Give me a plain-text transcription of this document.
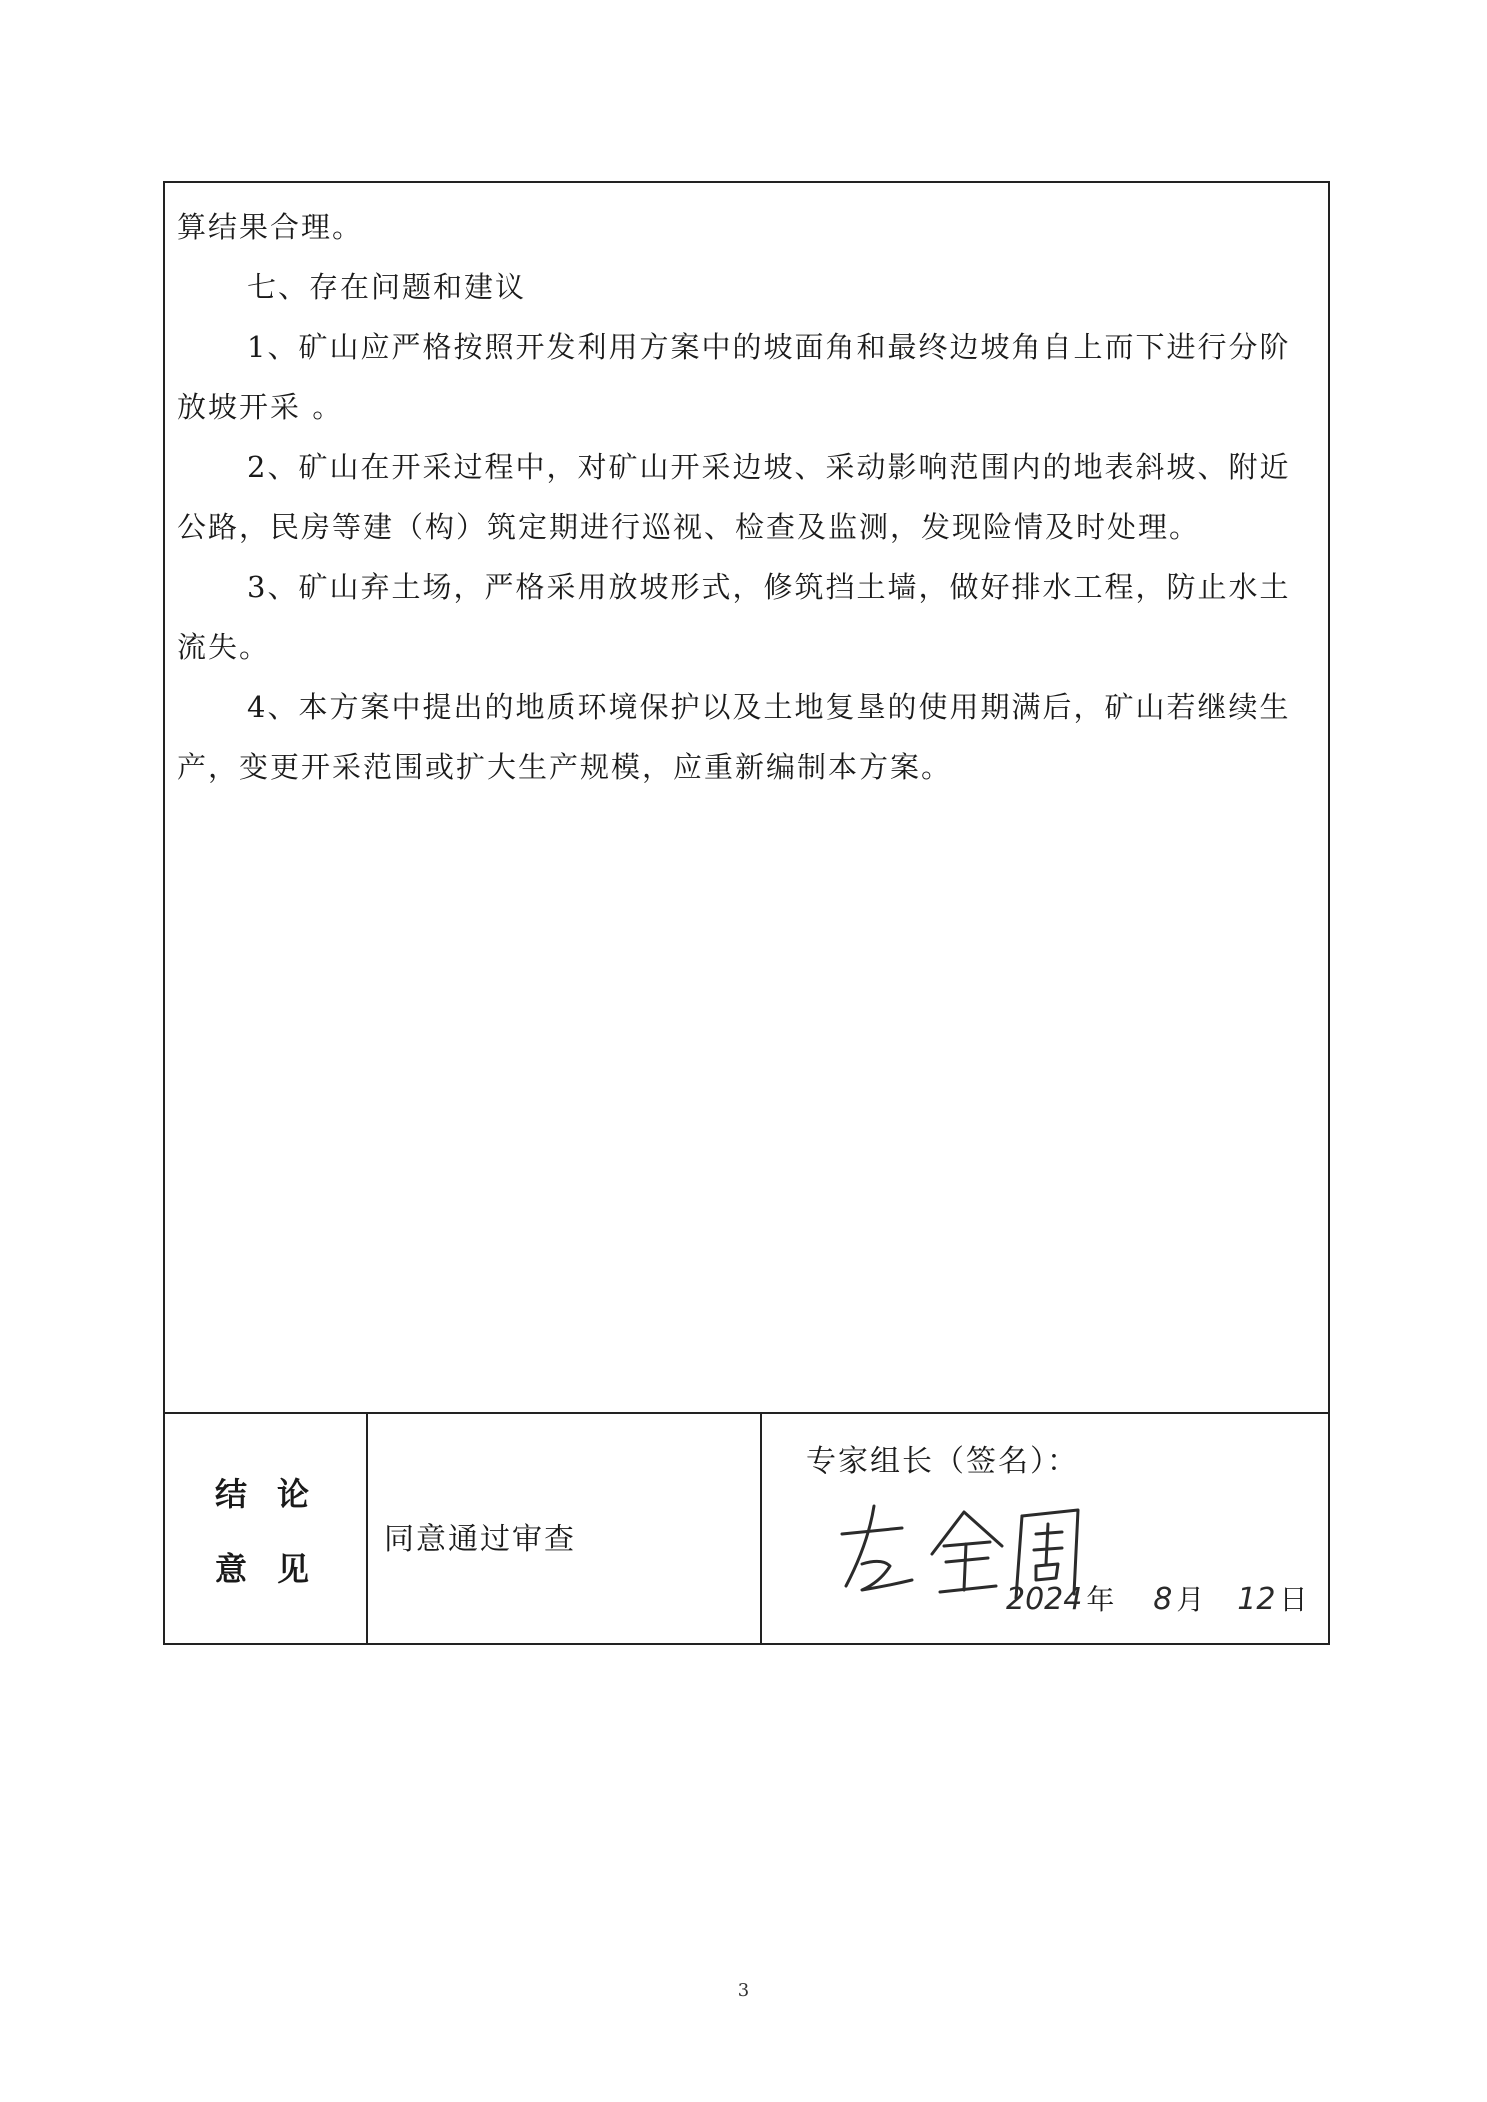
算结果合理。

七、存在问题和建议

1、矿山应严格按照开发利用方案中的坡面角和最终边坡角自上而下进行分阶放坡开采 。

2、矿山在开采过程中，对矿山开采边坡、采动影响范围内的地表斜坡、附近公路，民房等建（构）筑定期进行巡视、检查及监测，发现险情及时处理。

3、矿山弃土场，严格采用放坡形式，修筑挡土墙，做好排水工程，防止水土流失。

4、本方案中提出的地质环境保护以及土地复垦的使用期满后，矿山若继续生产，变更开采范围或扩大生产规模，应重新编制本方案。

结论
意见
同意通过审查
专家组长（签名）：
2024 年 8 月 12 日
3
